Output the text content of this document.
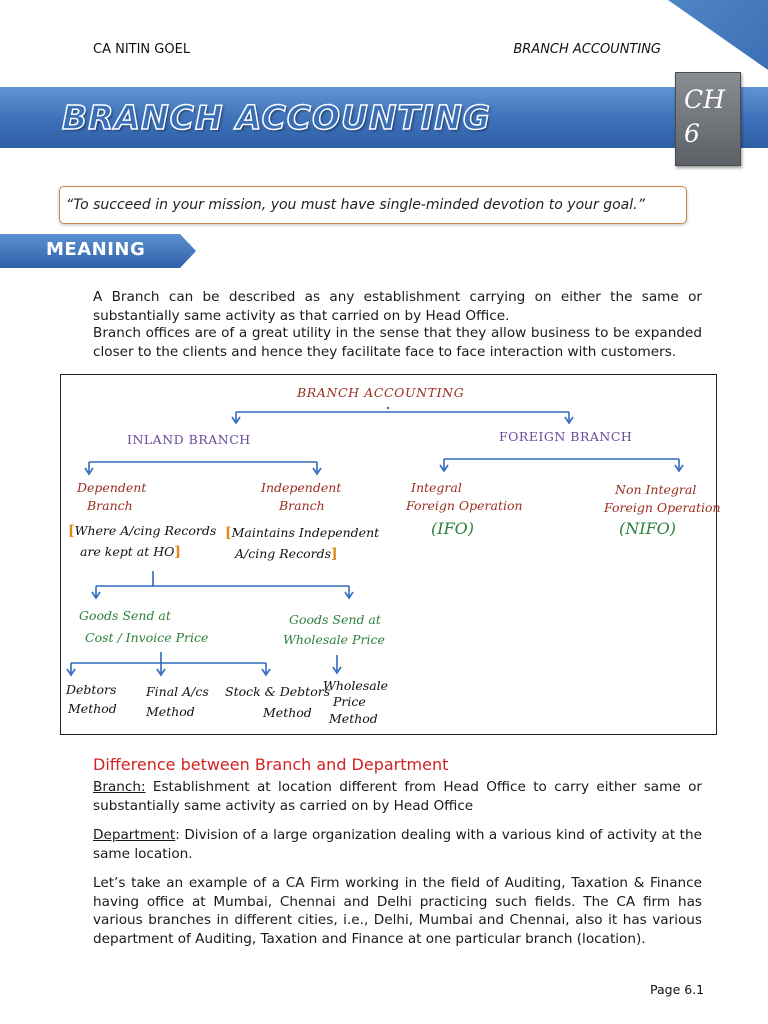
CA NITIN GOEL	BRANCH ACCOUNTING
BRANCH ACCOUNTING	CH
6
“To succeed in your mission, you must have single-minded devotion to your goal.”
MEANING
A Branch can be described as any establishment carrying on either the same or substantially same activity as that carried on by Head Office.
Branch offices are of a great utility in the sense that they allow business to be expanded closer to the clients and hence they facilitate face to face interaction with customers.
BRANCH ACCOUNTING
INLAND BRANCH	FOREIGN BRANCH
Dependent
Branch
Independent
Branch
[Where A/cing Records
are kept at HO]
[Maintains Independent
A/cing Records]
Integral
Foreign Operation
(IFO)
Non Integral
Foreign Operation
(NIFO)
Goods Send at
Cost / Invoice Price
Goods Send at
Wholesale Price
Debtors
Method
Final A/cs
Method
Stock & Debtors
Method
Wholesale
Price
Method
Difference between Branch and Department
Branch: Establishment at location different from Head Office to carry either same or substantially same activity as carried on by Head Office
Department: Division of a large organization dealing with a various kind of activity at the same location.
Let’s take an example of a CA Firm working in the field of Auditing, Taxation & Finance having office at Mumbai, Chennai and Delhi practicing such fields. The CA firm has various branches in different cities, i.e., Delhi, Mumbai and Chennai, also it has various department of Auditing, Taxation and Finance at one particular branch (location).
Page 6.1
